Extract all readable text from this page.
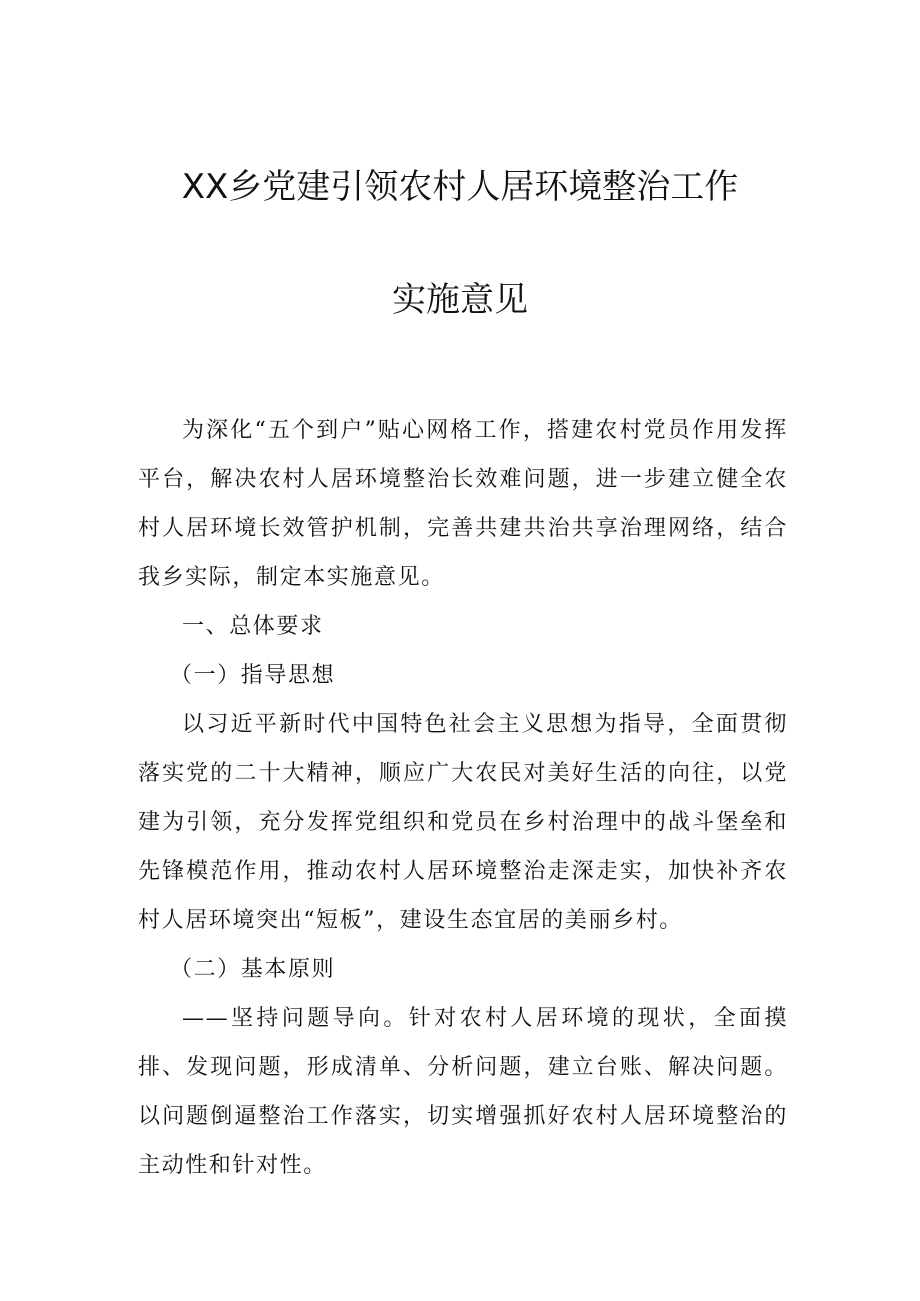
XX乡党建引领农村人居环境整治工作
实施意见

为深化“五个到户”贴心网格工作，搭建农村党员作用发挥平台，解决农村人居环境整治长效难问题，进一步建立健全农村人居环境长效管护机制，完善共建共治共享治理网络，结合我乡实际，制定本实施意见。

一、总体要求

（一）指导思想

以习近平新时代中国特色社会主义思想为指导，全面贯彻落实党的二十大精神，顺应广大农民对美好生活的向往，以党建为引领，充分发挥党组织和党员在乡村治理中的战斗堡垒和先锋模范作用，推动农村人居环境整治走深走实，加快补齐农村人居环境突出“短板”，建设生态宜居的美丽乡村。

（二）基本原则

——坚持问题导向。针对农村人居环境的现状，全面摸排、发现问题，形成清单、分析问题，建立台账、解决问题。以问题倒逼整治工作落实，切实增强抓好农村人居环境整治的主动性和针对性。
